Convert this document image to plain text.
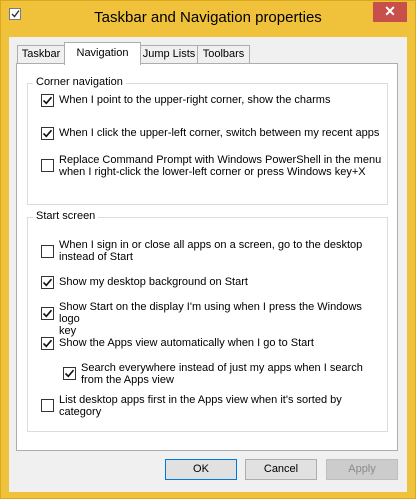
Taskbar and Navigation properties	✕
Taskbar	Navigation	Jump Lists Toolbars
Corner navigation
When I point to the upper-right corner, show the charms
When I click the upper-left corner, switch between my recent apps
Replace Command Prompt with Windows PowerShell in the menu
when I right-click the lower-left corner or press Windows key+X
Start screen
When I sign in or close all apps on a screen, go to the desktop
instead of Start
Show my desktop background on Start
Show Start on the display I'm using when I press the Windows logo
key
Show the Apps view automatically when I go to Start
Search everywhere instead of just my apps when I search
from the Apps view
List desktop apps first in the Apps view when it's sorted by
category
OK	Cancel	Apply
